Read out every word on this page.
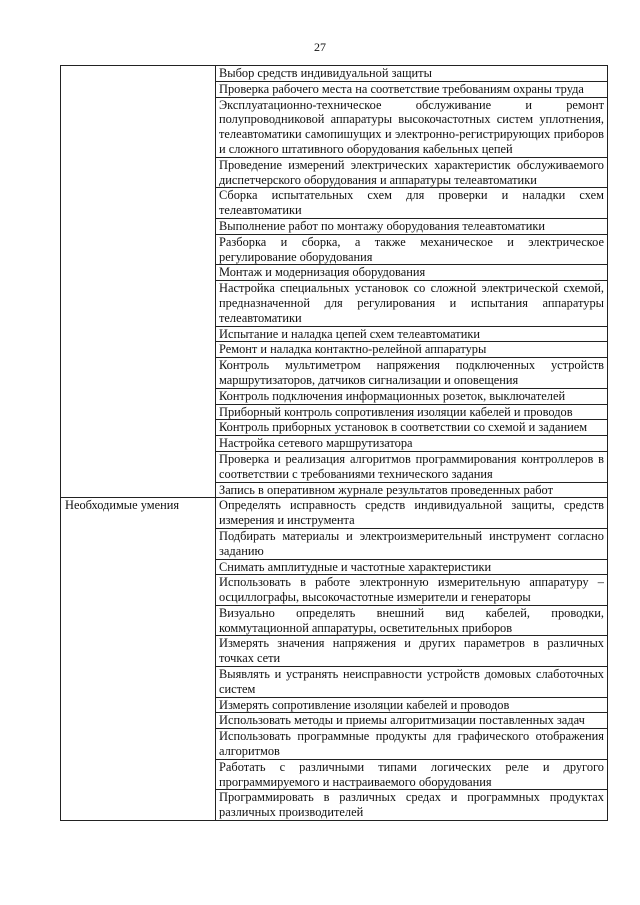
27
	Выбор средств индивидуальной защиты
	Проверка рабочего места на соответствие требованиям охраны труда
	Эксплуатационно-техническое обслуживание и ремонт полупроводниковой аппаратуры высокочастотных систем уплотнения, телеавтоматики самопишущих и электронно-регистрирующих приборов и сложного штативного оборудования кабельных цепей
	Проведение измерений электрических характеристик обслуживаемого диспетчерского оборудования и аппаратуры телеавтоматики
	Сборка испытательных схем для проверки и наладки схем телеавтоматики
	Выполнение работ по монтажу оборудования телеавтоматики
	Разборка и сборка, а также механическое и электрическое регулирование оборудования
	Монтаж и модернизация оборудования
	Настройка специальных установок со сложной электрической схемой, предназначенной для регулирования и испытания аппаратуры телеавтоматики
	Испытание и наладка цепей схем телеавтоматики
	Ремонт и наладка контактно-релейной аппаратуры
	Контроль мультиметром напряжения подключенных устройств маршрутизаторов, датчиков сигнализации и оповещения
	Контроль подключения информационных розеток, выключателей
	Приборный контроль сопротивления изоляции кабелей и проводов
	Контроль приборных установок в соответствии со схемой и заданием
	Настройка сетевого маршрутизатора
	Проверка и реализация алгоритмов программирования контроллеров в соответствии с требованиями технического задания
	Запись в оперативном журнале результатов проведенных работ
Необходимые умения	Определять исправность средств индивидуальной защиты, средств измерения и инструмента
	Подбирать материалы и электроизмерительный инструмент согласно заданию
	Снимать амплитудные и частотные характеристики
	Использовать в работе электронную измерительную аппаратуру – осциллографы, высокочастотные измерители и генераторы
	Визуально определять внешний вид кабелей, проводки, коммутационной аппаратуры, осветительных приборов
	Измерять значения напряжения и других параметров в различных точках сети
	Выявлять и устранять неисправности устройств домовых слаботочных систем
	Измерять сопротивление изоляции кабелей и проводов
	Использовать методы и приемы алгоритмизации поставленных задач
	Использовать программные продукты для графического отображения алгоритмов
	Работать с различными типами логических реле и другого программируемого и настраиваемого оборудования
	Программировать в различных средах и программных продуктах различных производителей
